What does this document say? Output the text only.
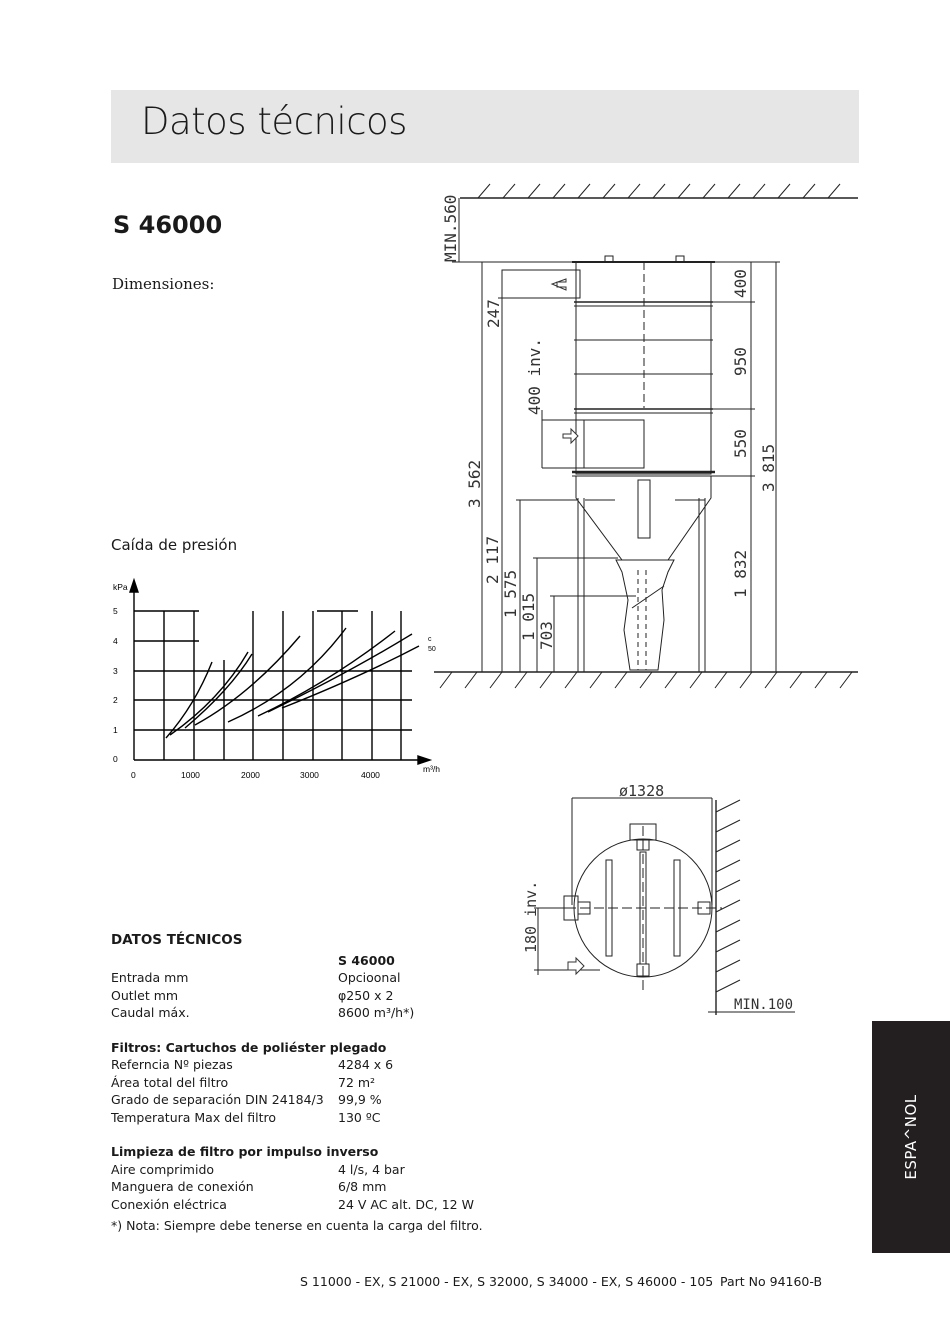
Datos técnicos
S 46000
Dimensiones:
Caída de presión
kPa
5
4
3
2
1
0
0	1000	2000	3000	4000
m³/h
c
50
MIN.560
400
247
400 inv.	950
550
3 815
3 562
2 117
1 575 1 015 703
1 832
ø1328
180 inv.
MIN.100
DATOS TÉCNICOS
S 46000
Entrada mm	Opcioonal
Outlet mm	φ250 x 2
Caudal máx.	8600 m³/h*)
Filtros: Cartuchos de poliéster plegado
Referncia Nº piezas	4284 x 6
Área total del filtro	72 m²
Grado de separación DIN 24184/3	99,9 %
Temperatura Max del filtro	130 ºC
Limpieza de filtro por impulso inverso
Aire comprimido	4 l/s, 4 bar
Manguera de conexión	6/8 mm
Conexión eléctrica	24 V AC alt. DC, 12 W
*) Nota: Siempre debe tenerse en cuenta la carga del filtro.
ESPA^NOL
S 11000 - EX, S 21000 - EX, S 32000, S 34000 - EX, S 46000 - 105 Part No 94160-B
